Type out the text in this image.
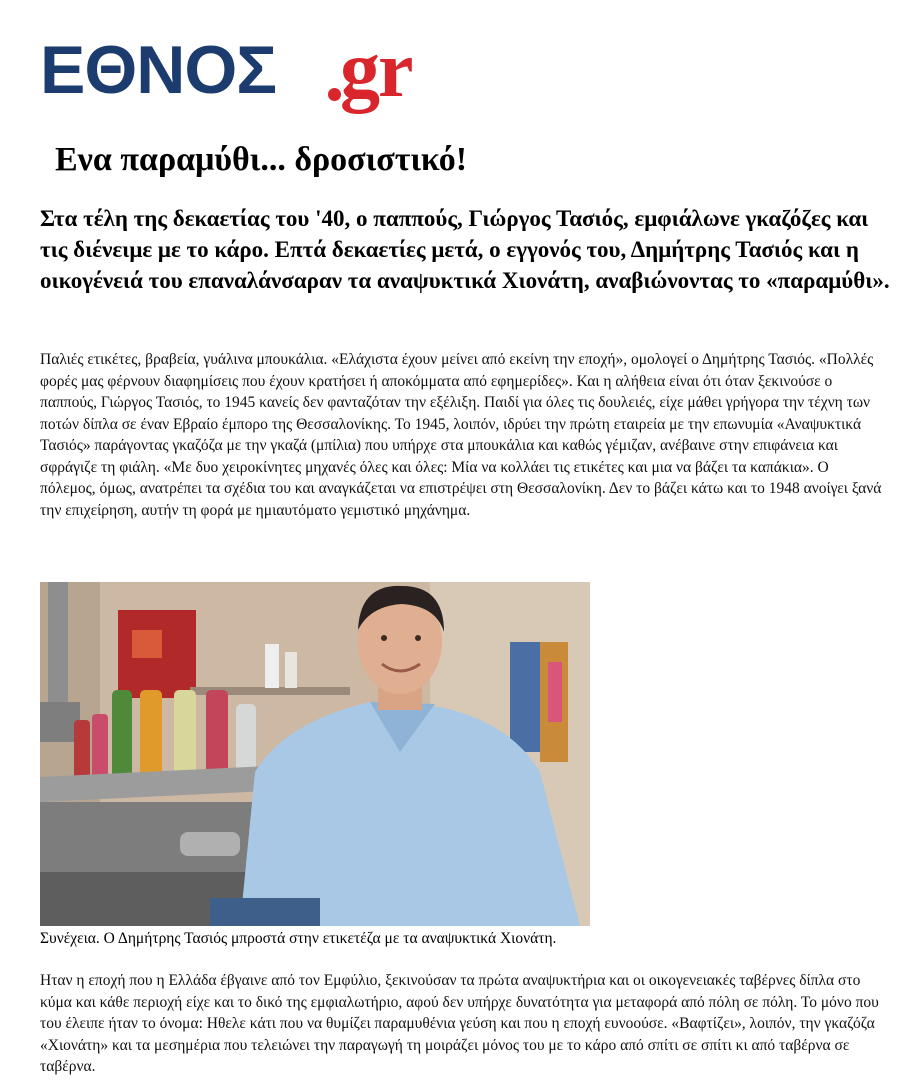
ΕΘΝΟΣ gr
Ενα παραμύθι... δροσιστικό!

Στα τέλη της δεκαετίας του '40, ο παππούς, Γιώργος Τασιός, εμφιάλωνε γκαζόζες και τις διένειμε με το κάρο. Επτά δεκαετίες μετά, ο εγγονός του, Δημήτρης Τασιός και η οικογένειά του επαναλάνσαραν τα αναψυκτικά Χιονάτη, αναβιώνοντας το «παραμύθι».

Παλιές ετικέτες, βραβεία, γυάλινα μπουκάλια. «Ελάχιστα έχουν μείνει από εκείνη την εποχή», ομολογεί ο Δημήτρης Τασιός. «Πολλές φορές μας φέρνουν διαφημίσεις που έχουν κρατήσει ή αποκόμματα από εφημερίδες». Και η αλήθεια είναι ότι όταν ξεκινούσε ο παππούς, Γιώργος Τασιός, το 1945 κανείς δεν φανταζόταν την εξέλιξη. Παιδί για όλες τις δουλειές, είχε μάθει γρήγορα την τέχνη των ποτών δίπλα σε έναν Εβραίο έμπορο της Θεσσαλονίκης. Το 1945, λοιπόν, ιδρύει την πρώτη εταιρεία με την επωνυμία «Αναψυκτικά Τασιός» παράγοντας γκαζόζα με την γκαζά (μπίλια) που υπήρχε στα μπουκάλια και καθώς γέμιζαν, ανέβαινε στην επιφάνεια και σφράγιζε τη φιάλη. «Με δυο χειροκίνητες μηχανές όλες και όλες: Μία να κολλάει τις ετικέτες και μια να βάζει τα καπάκια». Ο πόλεμος, όμως, ανατρέπει τα σχέδια του και αναγκάζεται να επιστρέψει στη Θεσσαλονίκη. Δεν το βάζει κάτω και το 1948 ανοίγει ξανά την επιχείρηση, αυτήν τη φορά με ημιαυτόματο γεμιστικό μηχάνημα.

Συνέχεια. Ο Δημήτρης Τασιός μπροστά στην ετικετέζα με τα αναψυκτικά Χιονάτη.

Ηταν η εποχή που η Ελλάδα έβγαινε από τον Εμφύλιο, ξεκινούσαν τα πρώτα αναψυκτήρια και οι οικογενειακές ταβέρνες δίπλα στο κύμα και κάθε περιοχή είχε και το δικό της εμφιαλωτήριο, αφού δεν υπήρχε δυνατότητα για μεταφορά από πόλη σε πόλη. Το μόνο που του έλειπε ήταν το όνομα: Ηθελε κάτι που να θυμίζει παραμυθένια γεύση και που η εποχή ευνοούσε. «Βαφτίζει», λοιπόν, την γκαζόζα «Χιονάτη» και τα μεσημέρια που τελειώνει την παραγωγή τη μοιράζει μόνος του με το κάρο από σπίτι σε σπίτι κι από ταβέρνα σε ταβέρνα.
